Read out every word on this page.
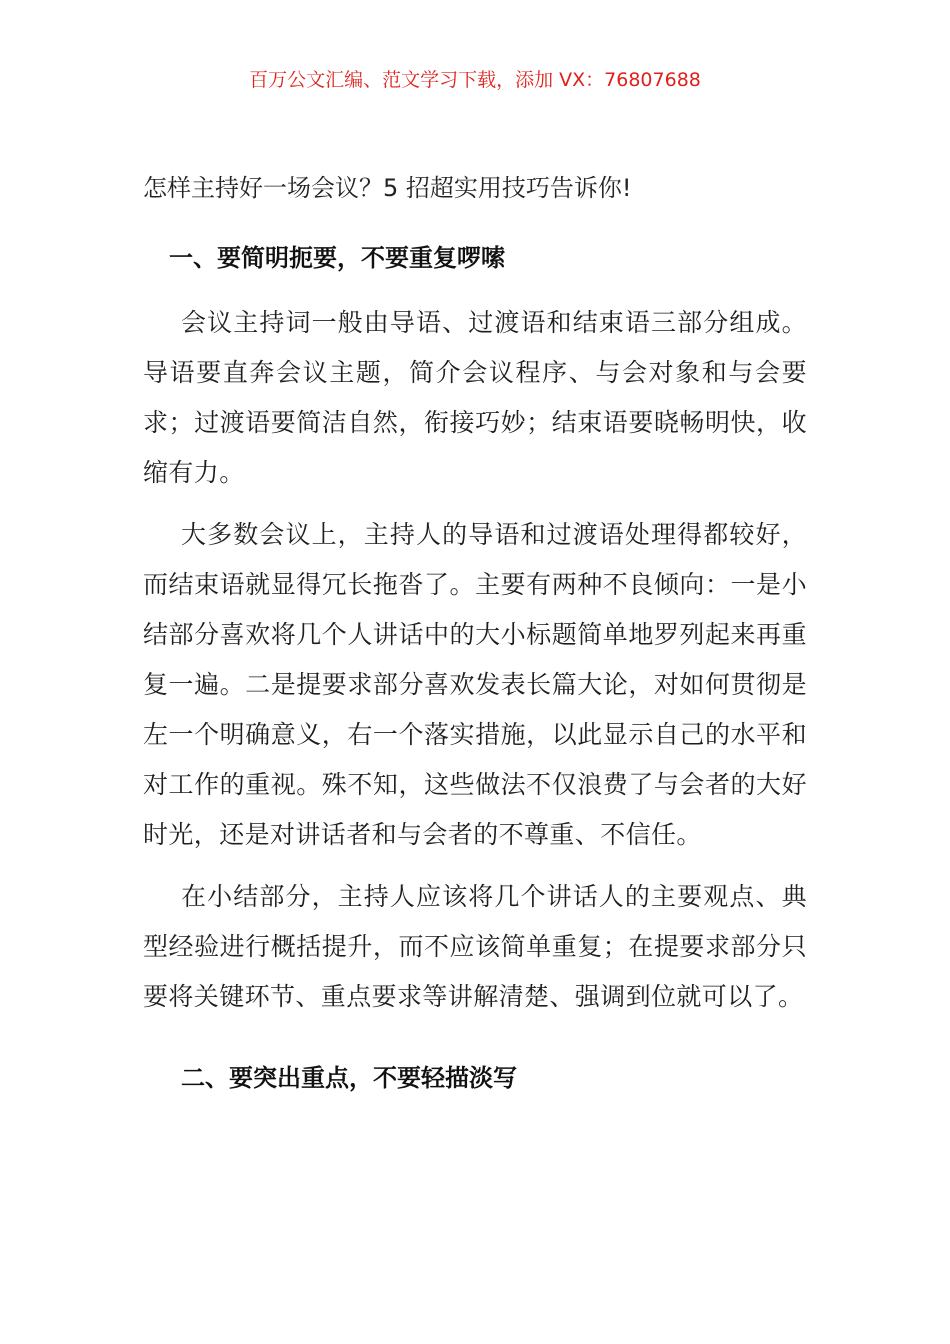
百万公文汇编、范文学习下载，添加 VX：76807688
怎样主持好一场会议？5 招超实用技巧告诉你!
一、要简明扼要，不要重复啰嗦

会议主持词一般由导语、过渡语和结束语三部分组成。导语要直奔会议主题，简介会议程序、与会对象和与会要求；过渡语要简洁自然，衔接巧妙；结束语要晓畅明快，收缩有力。

大多数会议上，主持人的导语和过渡语处理得都较好，而结束语就显得冗长拖沓了。主要有两种不良倾向：一是小结部分喜欢将几个人讲话中的大小标题简单地罗列起来再重复一遍。二是提要求部分喜欢发表长篇大论，对如何贯彻是左一个明确意义，右一个落实措施，以此显示自己的水平和对工作的重视。殊不知，这些做法不仅浪费了与会者的大好时光，还是对讲话者和与会者的不尊重、不信任。

在小结部分，主持人应该将几个讲话人的主要观点、典型经验进行概括提升，而不应该简单重复；在提要求部分只要将关键环节、重点要求等讲解清楚、强调到位就可以了。

二、要突出重点，不要轻描淡写
